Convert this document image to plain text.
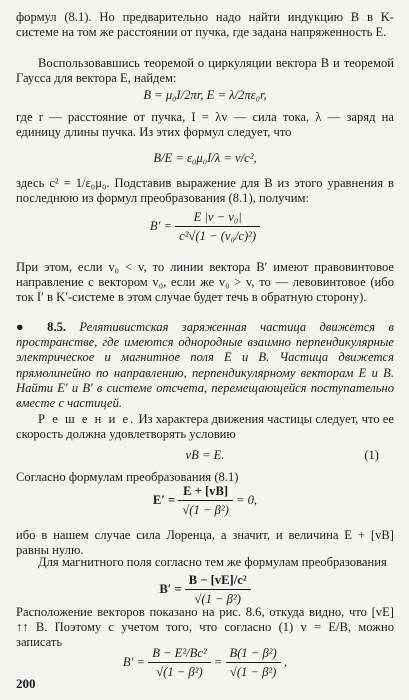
формул (8.1). Но предварительно надо найти индукцию B в K-системе на том же расстоянии от пучка, где задана напряженность E.

Воспользовавшись теоремой о циркуляции вектора B и теоремой Гаусса для вектора E, найдем:

B = μ₀I/2πr, E = λ/2πε₀r,

где r — расстояние от пучка, I = λv — сила тока, λ — заряд на единицу длины пучка. Из этих формул следует, что

B/E = ε₀μ₀I/λ = v/c²,

здесь c² = 1/ε₀μ₀. Подставив выражение для B из этого уравнения в последнюю из формул преобразования (8.1), получим:

$B' = \frac{\text{E |v − v₀|}}{\text{c²√(1 − (v₀/c)²)}}$

При этом, если v₀ < v, то линии вектора B′ имеют правовинтовое направление с вектором v₀, если же v₀ > v, то — левовинтовое (ибо ток I′ в K′-системе в этом случае будет течь в обратную сторону).

● 8.5. Релятивистская заряженная частица движется в пространстве, где имеются однородные взаимно перпендикулярные электрическое и магнитное поля E и B. Частица движется прямолинейно по направлению, перпендикулярному векторам E и B. Найти E′ и B′ в системе отсчета, перемещающейся поступательно вместе с частицей.

Р е ш е н и е. Из характера движения частицы следует, что ее скорость должна удовлетворять условию

vB = E.	(1)

Согласно формулам преобразования (8.1)

$E' = \frac{E + [vB]}{\text{√(1 − β²)}} = 0$,

ибо в нашем случае сила Лоренца, а значит, и величина E + [vB] равны нулю.

Для магнитного поля согласно тем же формулам преобразования

$B' = \frac{\text{B − [vE]/c²}}{\text{√(1 − β²)}}$

Расположение векторов показано на рис. 8.6, откуда видно, что [vE] ↑↑ B. Поэтому с учетом того, что согласно (1) v = E/B, можно записать

$B' = \frac{\text{B − E²/Bc²}}{\text{√(1 − β²)}} = \frac{\text{B(1 − β²)}}{\text{√(1 − β²)}}$ ,
200
